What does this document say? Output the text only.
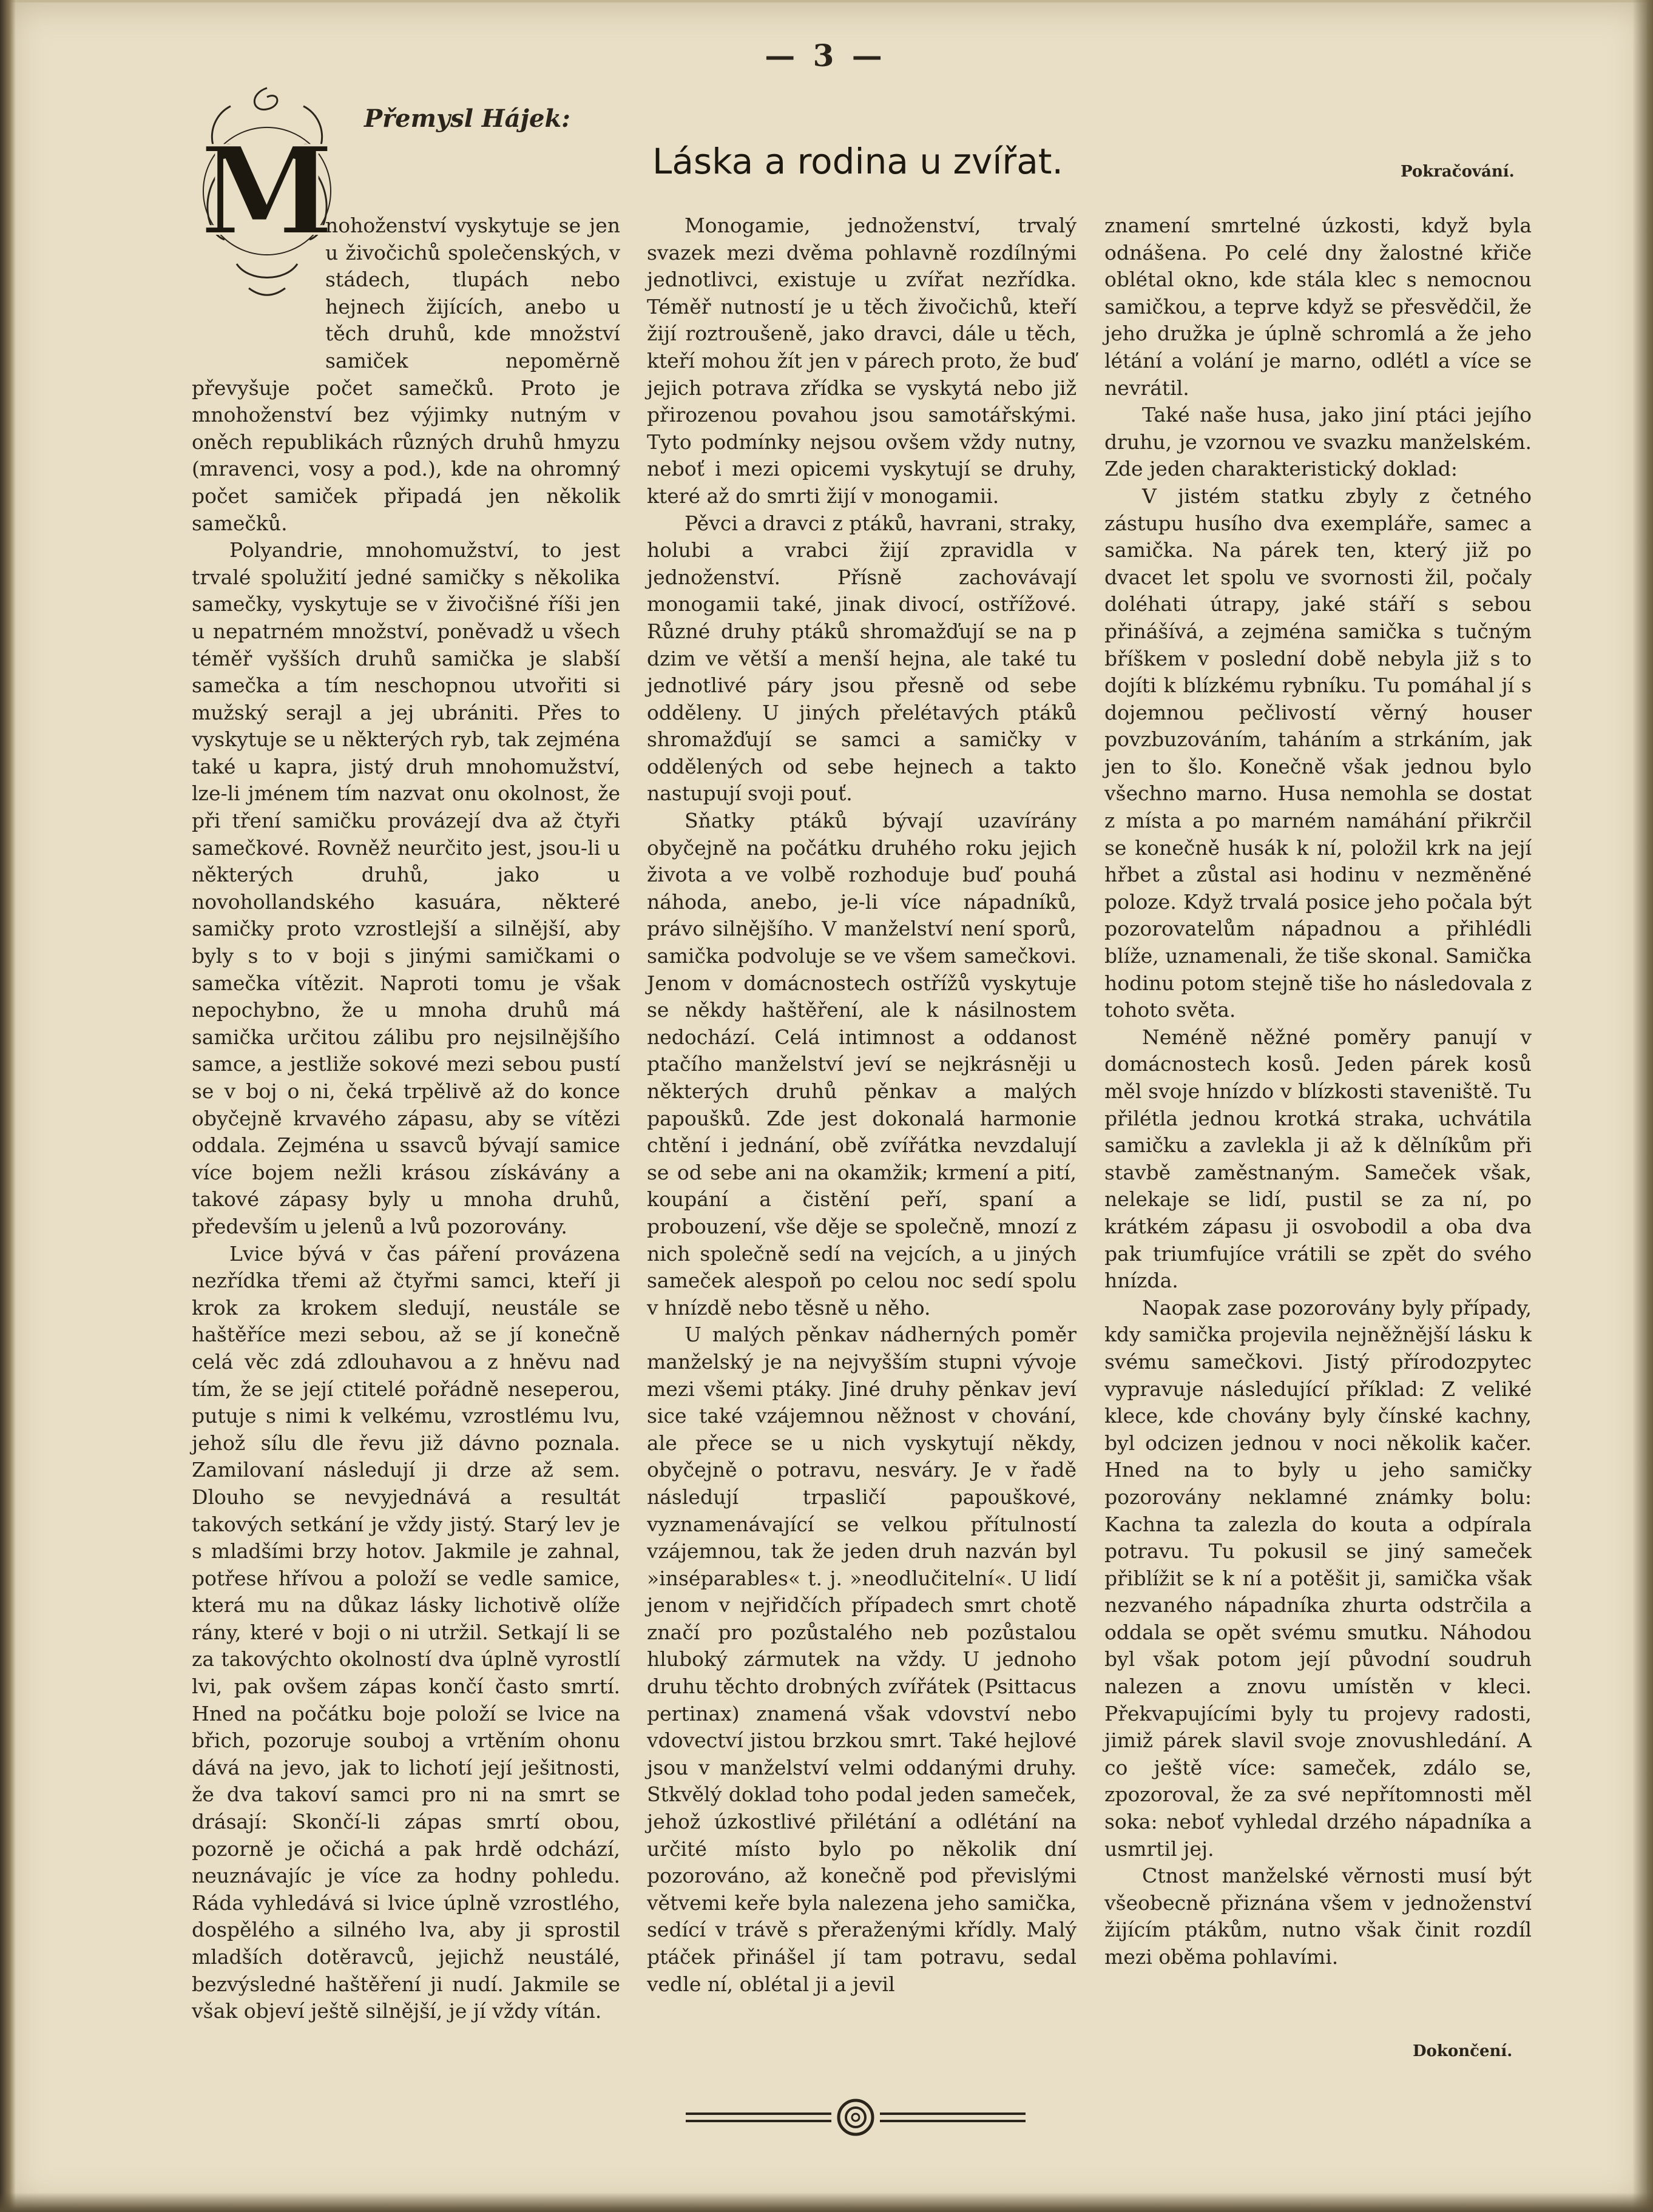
— 3 —
Přemysl Hájek:
Láska a rodina u zvířat.	Pokračování.
M

nohoženství vyskytuje se jen u živočichů společenských, v stádech, tlupách nebo hejnech žijících, anebo u těch druhů, kde množství samiček nepoměrně převyšuje počet samečků. Proto je mnohoženství bez výjimky nutným v oněch republikách různých druhů hmyzu (mravenci, vosy a pod.), kde na ohromný počet samiček připadá jen několik samečků.

Polyandrie, mnohomužství, to jest trvalé spolužití jedné samičky s několika samečky, vyskytuje se v živočišné říši jen u nepatrném množství, poněvadž u všech téměř vyšších druhů samička je slabší samečka a tím neschopnou utvořiti si mužský serajl a jej ubrániti. Přes to vyskytuje se u některých ryb, tak zejména také u kapra, jistý druh mnohomužství, lze-li jménem tím nazvat onu okolnost, že při tření samičku provázejí dva až čtyři samečkové. Rovněž neurčito jest, jsou-li u některých druhů, jako u novohollandského kasuára, některé samičky proto vzrostlejší a silnější, aby byly s to v boji s jinými samičkami o samečka vítězit. Naproti tomu je však nepochybno, že u mnoha druhů má samička určitou zálibu pro nejsilnějšího samce, a jestliže sokové mezi sebou pustí se v boj o ni, čeká trpělivě až do konce obyčejně krvavého zápasu, aby se vítězi oddala. Zejména u ssavců bývají samice více bojem nežli krásou získávány a takové zápasy byly u mnoha druhů, především u jelenů a lvů pozorovány.

Lvice bývá v čas páření provázena nezřídka třemi až čtyřmi samci, kteří ji krok za krokem sledují, neustále se haštěříce mezi sebou, až se jí konečně celá věc zdá zdlouhavou a z hněvu nad tím, že se její ctitelé pořádně neseperou, putuje s nimi k velkému, vzrostlému lvu, jehož sílu dle řevu již dávno poznala. Zamilovaní následují ji drze až sem. Dlouho se nevyjednává a resultát takových setkání je vždy jistý. Starý lev je s mladšími brzy hotov. Jakmile je zahnal, potřese hřívou a položí se vedle samice, která mu na důkaz lásky lichotivě olíže rány, které v boji o ni utržil. Setkají li se za takovýchto okolností dva úplně vyrostlí lvi, pak ovšem zápas končí často smrtí. Hned na počátku boje položí se lvice na břich, pozoruje souboj a vrtěním ohonu dává na jevo, jak to lichotí její ješitnosti, že dva takoví samci pro ni na smrt se drásají: Skončí-li zápas smrtí obou, pozorně je očichá a pak hrdě odchází, neuznávajíc je více za hodny pohledu. Ráda vyhledává si lvice úplně vzrostlého, dospělého a silného lva, aby ji sprostil mladších dotěravců, jejichž neustálé, bezvýsledné haštěření ji nudí. Jakmile se však objeví ještě silnější, je jí vždy vítán.

Monogamie, jednoženství, trvalý svazek mezi dvěma pohlavně rozdílnými jednotlivci, existuje u zvířat nezřídka. Téměř nutností je u těch živočichů, kteří žijí roztroušeně, jako dravci, dále u těch, kteří mohou žít jen v párech proto, že buď jejich potrava zřídka se vyskytá nebo již přirozenou povahou jsou samotářskými. Tyto podmínky nejsou ovšem vždy nutny, neboť i mezi opicemi vyskytují se druhy, které až do smrti žijí v monogamii.

Pěvci a dravci z ptáků, havrani, straky, holubi a vrabci žijí zpravidla v jednoženství. Přísně zachovávají monogamii také, jinak divocí, ostřížové. Různé druhy ptáků shromažďují se na p dzim ve větší a menší hejna, ale také tu jednotlivé páry jsou přesně od sebe odděleny. U jiných přelétavých ptáků shromažďují se samci a samičky v oddělených od sebe hejnech a takto nastupují svoji pouť.

Sňatky ptáků bývají uzavírány obyčejně na počátku druhého roku jejich života a ve volbě rozhoduje buď pouhá náhoda, anebo, je-li více nápadníků, právo silnějšího. V manželství není sporů, samička podvoluje se ve všem samečkovi. Jenom v domácnostech ostřížů vyskytuje se někdy haštěření, ale k násilnostem nedochází. Celá intimnost a oddanost ptačího manželství jeví se nejkrásněji u některých druhů pěnkav a malých papoušků. Zde jest dokonalá harmonie chtění i jednání, obě zvířátka nevzdalují se od sebe ani na okamžik; krmení a pití, koupání a čistění peří, spaní a probouzení, vše děje se společně, mnozí z nich společně sedí na vejcích, a u jiných sameček alespoň po celou noc sedí spolu v hnízdě nebo těsně u něho.

U malých pěnkav nádherných poměr manželský je na nejvyšším stupni vývoje mezi všemi ptáky. Jiné druhy pěnkav jeví sice také vzájemnou něžnost v chování, ale přece se u nich vyskytují někdy, obyčejně o potravu, nesváry. Je v řadě následují trpasličí papouškové, vyznamenávající se velkou přítulností vzájemnou, tak že jeden druh nazván byl »inséparables« t. j. »neodlučitelní«. U lidí jenom v nejřidčích případech smrt chotě značí pro pozůstalého neb pozůstalou hluboký zármutek na vždy. U jednoho druhu těchto drobných zvířátek (Psittacus pertinax) znamená však vdovství nebo vdovectví jistou brzkou smrt. Také hejlové jsou v manželství velmi oddanými druhy. Stkvělý doklad toho podal jeden sameček, jehož úzkostlivé přilétání a odlétání na určité místo bylo po několik dní pozorováno, až konečně pod převislými větvemi keře byla nalezena jeho samička, sedící v trávě s přeraženými křídly. Malý ptáček přinášel jí tam potravu, sedal vedle ní, oblétal ji a jevil

znamení smrtelné úzkosti, když byla odnášena. Po celé dny žalostné křiče oblétal okno, kde stála klec s nemocnou samičkou, a teprve když se přesvědčil, že jeho družka je úplně schromlá a že jeho létání a volání je marno, odlétl a více se nevrátil.

Také naše husa, jako jiní ptáci jejího druhu, je vzornou ve svazku manželském. Zde jeden charakteristický doklad:

V jistém statku zbyly z četného zástupu husího dva exempláře, samec a samička. Na párek ten, který již po dvacet let spolu ve svornosti žil, počaly doléhati útrapy, jaké stáří s sebou přinášívá, a zejména samička s tučným bříškem v poslední době nebyla již s to dojíti k blízkému rybníku. Tu pomáhal jí s dojemnou pečlivostí věrný houser povzbuzováním, taháním a strkáním, jak jen to šlo. Konečně však jednou bylo všechno marno. Husa nemohla se dostat z místa a po marném namáhání přikrčil se konečně husák k ní, položil krk na její hřbet a zůstal asi hodinu v nezměněné poloze. Když trvalá posice jeho počala být pozorovatelům nápadnou a přihlédli blíže, uznamenali, že tiše skonal. Samička hodinu potom stejně tiše ho následovala z tohoto světa.

Neméně něžné poměry panují v domácnostech kosů. Jeden párek kosů měl svoje hnízdo v blízkosti staveniště. Tu přilétla jednou krotká straka, uchvátila samičku a zavlekla ji až k dělníkům při stavbě zaměstnaným. Sameček však, nelekaje se lidí, pustil se za ní, po krátkém zápasu ji osvobodil a oba dva pak triumfujíce vrátili se zpět do svého hnízda.

Naopak zase pozorovány byly případy, kdy samička projevila nejněžnější lásku k svému samečkovi. Jistý přírodozpytec vypravuje následující příklad: Z veliké klece, kde chovány byly čínské kachny, byl odcizen jednou v noci několik kačer. Hned na to byly u jeho samičky pozorovány neklamné známky bolu: Kachna ta zalezla do kouta a odpírala potravu. Tu pokusil se jiný sameček přiblížit se k ní a potěšit ji, samička však nezvaného nápadníka zhurta odstrčila a oddala se opět svému smutku. Náhodou byl však potom její původní soudruh nalezen a znovu umístěn v kleci. Překvapujícími byly tu projevy radosti, jimiž párek slavil svoje znovushledání. A co ještě více: sameček, zdálo se, zpozoroval, že za své nepřítomnosti měl soka: neboť vyhledal drzého nápadníka a usmrtil jej.

Ctnost manželské věrnosti musí být všeobecně přiznána všem v jednoženství žijícím ptákům, nutno však činit rozdíl mezi oběma pohlavími.

Dokončení.
